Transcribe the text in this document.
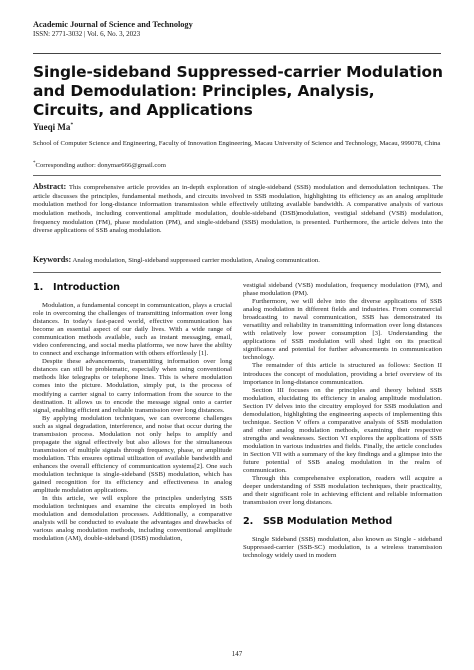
Academic Journal of Science and Technology
ISSN: 2771-3032 | Vol. 6, No. 3, 2023
Single-sideband Suppressed-carrier Modulation and Demodulation: Principles, Analysis, Circuits, and Applications
Yueqi Ma*
School of Computer Science and Engineering, Faculty of Innovation Engineering, Macau University of Science and Technology, Macau, 999078, China
*Corresponding author: donymar666@gmail.com
Abstract: This comprehensive article provides an in-depth exploration of single-sideband (SSB) modulation and demodulation techniques. The article discusses the principles, fundamental methods, and circuits involved in SSB modulation, highlighting its efficiency as an analog amplitude modulation method for long-distance information transmission while effectively utilizing available bandwidth. A comparative analysis of various modulation methods, including conventional amplitude modulation, double-sideband (DSB)modulation, vestigial sideband (VSB) modulation, frequency modulation (FM), phase modulation (PM), and single-sideband (SSB) modulation, is presented. Furthermore, the article delves into the diverse applications of SSB analog modulation.
Keywords: Analog modulation, Singl-sideband suppressed carrier modulation, Analog communication.
1. Introduction

Modulation, a fundamental concept in communication, plays a crucial role in overcoming the challenges of transmitting information over long distances. In today's fast-paced world, effective communication has become an essential aspect of our daily lives. With a wide range of communication methods available, such as instant messaging, email, video conferencing, and social media platforms, we now have the ability to connect and exchange information with others effortlessly [1].

Despite these advancements, transmitting information over long distances can still be problematic, especially when using conventional methods like telegraphs or telephone lines. This is where modulation comes into the picture. Modulation, simply put, is the process of modifying a carrier signal to carry information from the source to the destination. It allows us to encode the message signal onto a carrier signal, enabling efficient and reliable transmission over long distances.

By applying modulation techniques, we can overcome challenges such as signal degradation, interference, and noise that occur during the transmission process. Modulation not only helps to amplify and propagate the signal effectively but also allows for the simultaneous transmission of multiple signals through frequency, phase, or amplitude modulation. This ensures optimal utilization of available bandwidth and enhances the overall efficiency of communication systems[2]. One such modulation technique is single-sideband (SSB) modulation, which has gained recognition for its efficiency and effectiveness in analog amplitude modulation applications.

In this article, we will explore the principles underlying SSB modulation techniques and examine the circuits employed in both modulation and demodulation processes. Additionally, a comparative analysis will be conducted to evaluate the advantages and drawbacks of various analog modulation methods, including conventional amplitude modulation (AM), double-sideband (DSB) modulation,

vestigial sideband (VSB) modulation, frequency modulation (FM), and phase modulation (PM).

Furthermore, we will delve into the diverse applications of SSB analog modulation in different fields and industries. From commercial broadcasting to naval communication, SSB has demonstrated its versatility and reliability in transmitting information over long distances with relatively low power consumption [3]. Understanding the applications of SSB modulation will shed light on its practical significance and potential for further advancements in communication technology.

The remainder of this article is structured as follows: Section II introduces the concept of modulation, providing a brief overview of its importance in long-distance communication.

Section III focuses on the principles and theory behind SSB modulation, elucidating its efficiency in analog amplitude modulation. Section IV delves into the circuitry employed for SSB modulation and demodulation, highlighting the engineering aspects of implementing this technique. Section V offers a comparative analysis of SSB modulation and other analog modulation methods, examining their respective strengths and weaknesses. Section VI explores the applications of SSB modulation in various industries and fields. Finally, the article concludes in Section VII with a summary of the key findings and a glimpse into the future potential of SSB analog modulation in the realm of communication.

Through this comprehensive exploration, readers will acquire a deeper understanding of SSB modulation techniques, their practicality, and their significant role in achieving efficient and reliable information transmission over long distances.

2. SSB Modulation Method

Single Sideband (SSB) modulation, also known as Single - sideband Suppressed-carrier (SSB-SC) modulation, is a wireless transmission technology widely used in modern

147
